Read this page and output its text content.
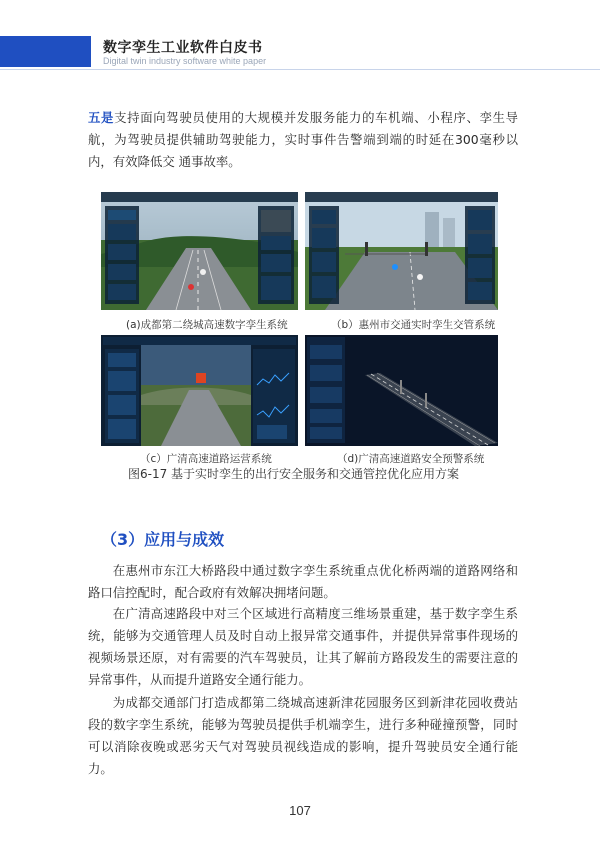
数字孪生工业软件白皮书
Digital twin industry software white paper
五是支持面向驾驶员使用的大规模并发服务能力的车机端、小程序、孪生导航，为驾驶员提供辅助驾驶能力，实时事件告警端到端的时延在300毫秒以内，有效降低交 通事故率。
(a)成都第二绕城高速数字孪生系统	（b）惠州市交通实时孪生交管系统
（c）广清高速道路运营系统	（d)广清高速道路安全预警系统
图6-17 基于实时孪生的出行安全服务和交通管控优化应用方案
（3）应用与成效
在惠州市东江大桥路段中通过数字孪生系统重点优化桥两端的道路网络和路口信控配时，配合政府有效解决拥堵问题。
在广清高速路段中对三个区域进行高精度三维场景重建，基于数字孪生系统，能够为交通管理人员及时自动上报异常交通事件，并提供异常事件现场的视频场景还原，对有需要的汽车驾驶员，让其了解前方路段发生的需要注意的异常事件，从而提升道路安全通行能力。
为成都交通部门打造成都第二绕城高速新津花园服务区到新津花园收费站段的数字孪生系统，能够为驾驶员提供手机端孪生，进行多种碰撞预警，同时可以消除夜晚或恶劣天气对驾驶员视线造成的影响，提升驾驶员安全通行能力。
107
